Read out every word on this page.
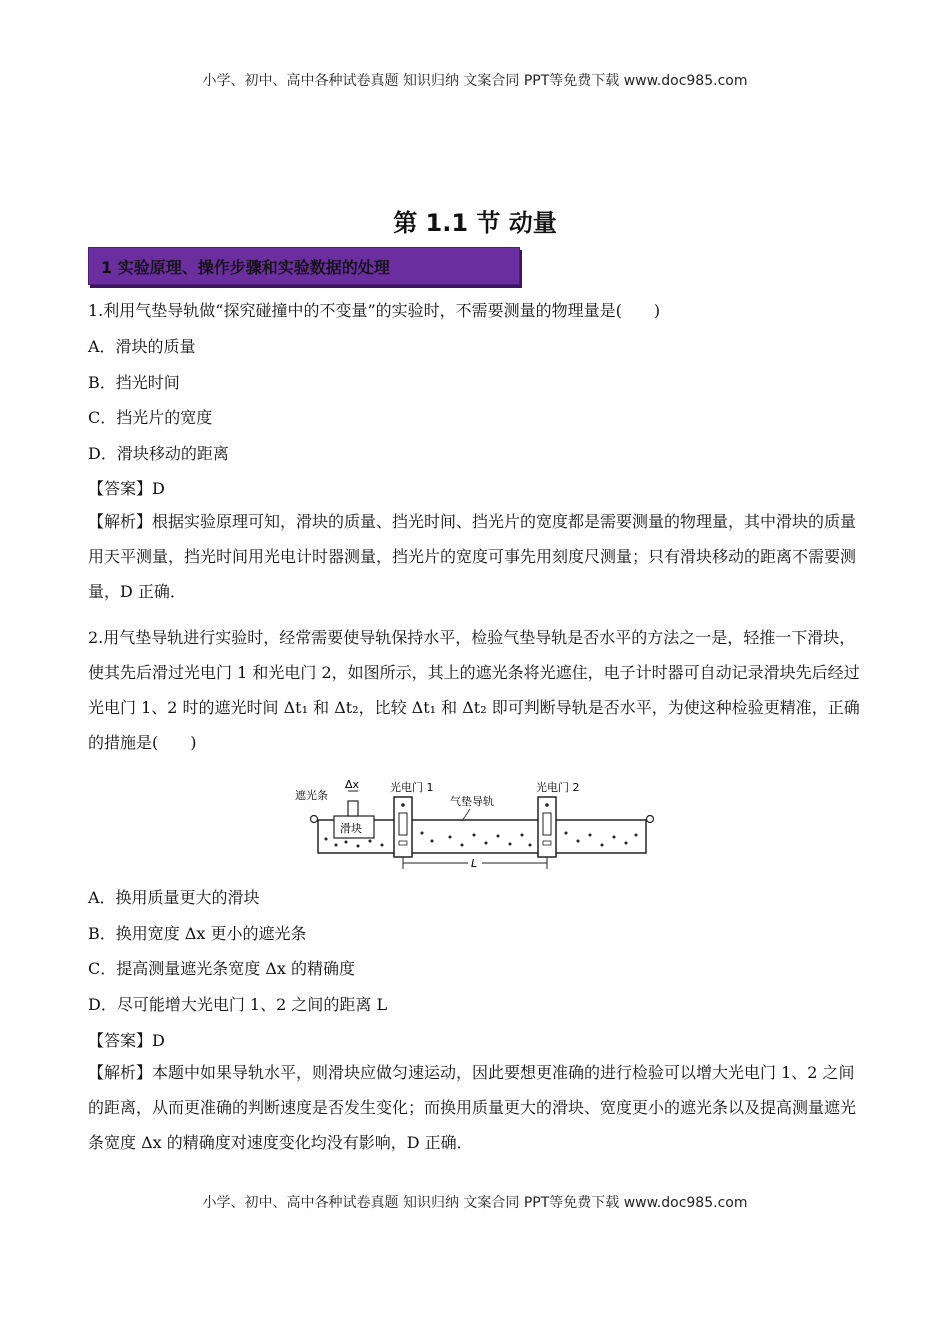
小学、初中、高中各种试卷真题 知识归纳 文案合同 PPT等免费下载 www.doc985.com
第 1.1 节 动量
1 实验原理、操作步骤和实验数据的处理
1.利用气垫导轨做“探究碰撞中的不变量”的实验时，不需要测量的物理量是(　　)
A．滑块的质量
B．挡光时间
C．挡光片的宽度
D．滑块移动的距离
【答案】D
【解析】根据实验原理可知，滑块的质量、挡光时间、挡光片的宽度都是需要测量的物理量，其中滑块的质量用天平测量，挡光时间用光电计时器测量，挡光片的宽度可事先用刻度尺测量；只有滑块移动的距离不需要测量，D 正确．
2.用气垫导轨进行实验时，经常需要使导轨保持水平，检验气垫导轨是否水平的方法之一是，轻推一下滑块，使其先后滑过光电门 1 和光电门 2，如图所示，其上的遮光条将光遮住，电子计时器可自动记录滑块先后经过光电门 1、2 时的遮光时间 Δt₁ 和 Δt₂，比较 Δt₁ 和 Δt₂ 即可判断导轨是否水平，为使这种检验更精准，正确的措施是(　　)
滑块
遮光条
Δx	光电门 1	光电门 2
气垫导轨
L
A．换用质量更大的滑块
B．换用宽度 Δx 更小的遮光条
C．提高测量遮光条宽度 Δx 的精确度
D．尽可能增大光电门 1、2 之间的距离 L
【答案】D
【解析】本题中如果导轨水平，则滑块应做匀速运动，因此要想更准确的进行检验可以增大光电门 1、2 之间的距离，从而更准确的判断速度是否发生变化；而换用质量更大的滑块、宽度更小的遮光条以及提高测量遮光条宽度 Δx 的精确度对速度变化均没有影响，D 正确．
小学、初中、高中各种试卷真题 知识归纳 文案合同 PPT等免费下载 www.doc985.com
